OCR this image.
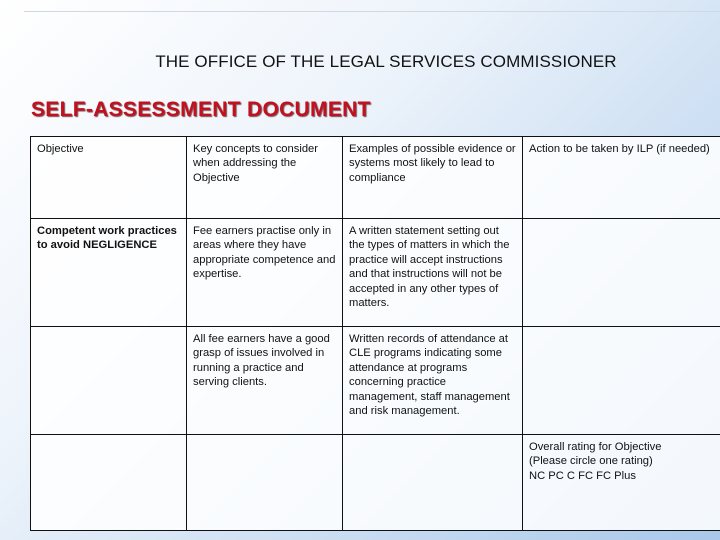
THE OFFICE OF THE LEGAL SERVICES COMMISSIONER
SELF-ASSESSMENT DOCUMENT
Objective	Key concepts to consider when addressing the Objective	Examples of possible evidence or systems most likely to lead to compliance	Action to be taken by ILP (if needed)
Competent work practices to avoid NEGLIGENCE	Fee earners practise only in areas where they have appropriate competence and expertise.	A written statement setting out the types of matters in which the practice will accept instructions and that instructions will not be accepted in any other types of matters.	
	All fee earners have a good grasp of issues involved in running a practice and serving clients.	Written records of attendance at CLE programs indicating some attendance at programs concerning practice management, staff management and risk management.	

			Overall rating for Objective
(Please circle one rating)
NC PC C FC FC Plus
